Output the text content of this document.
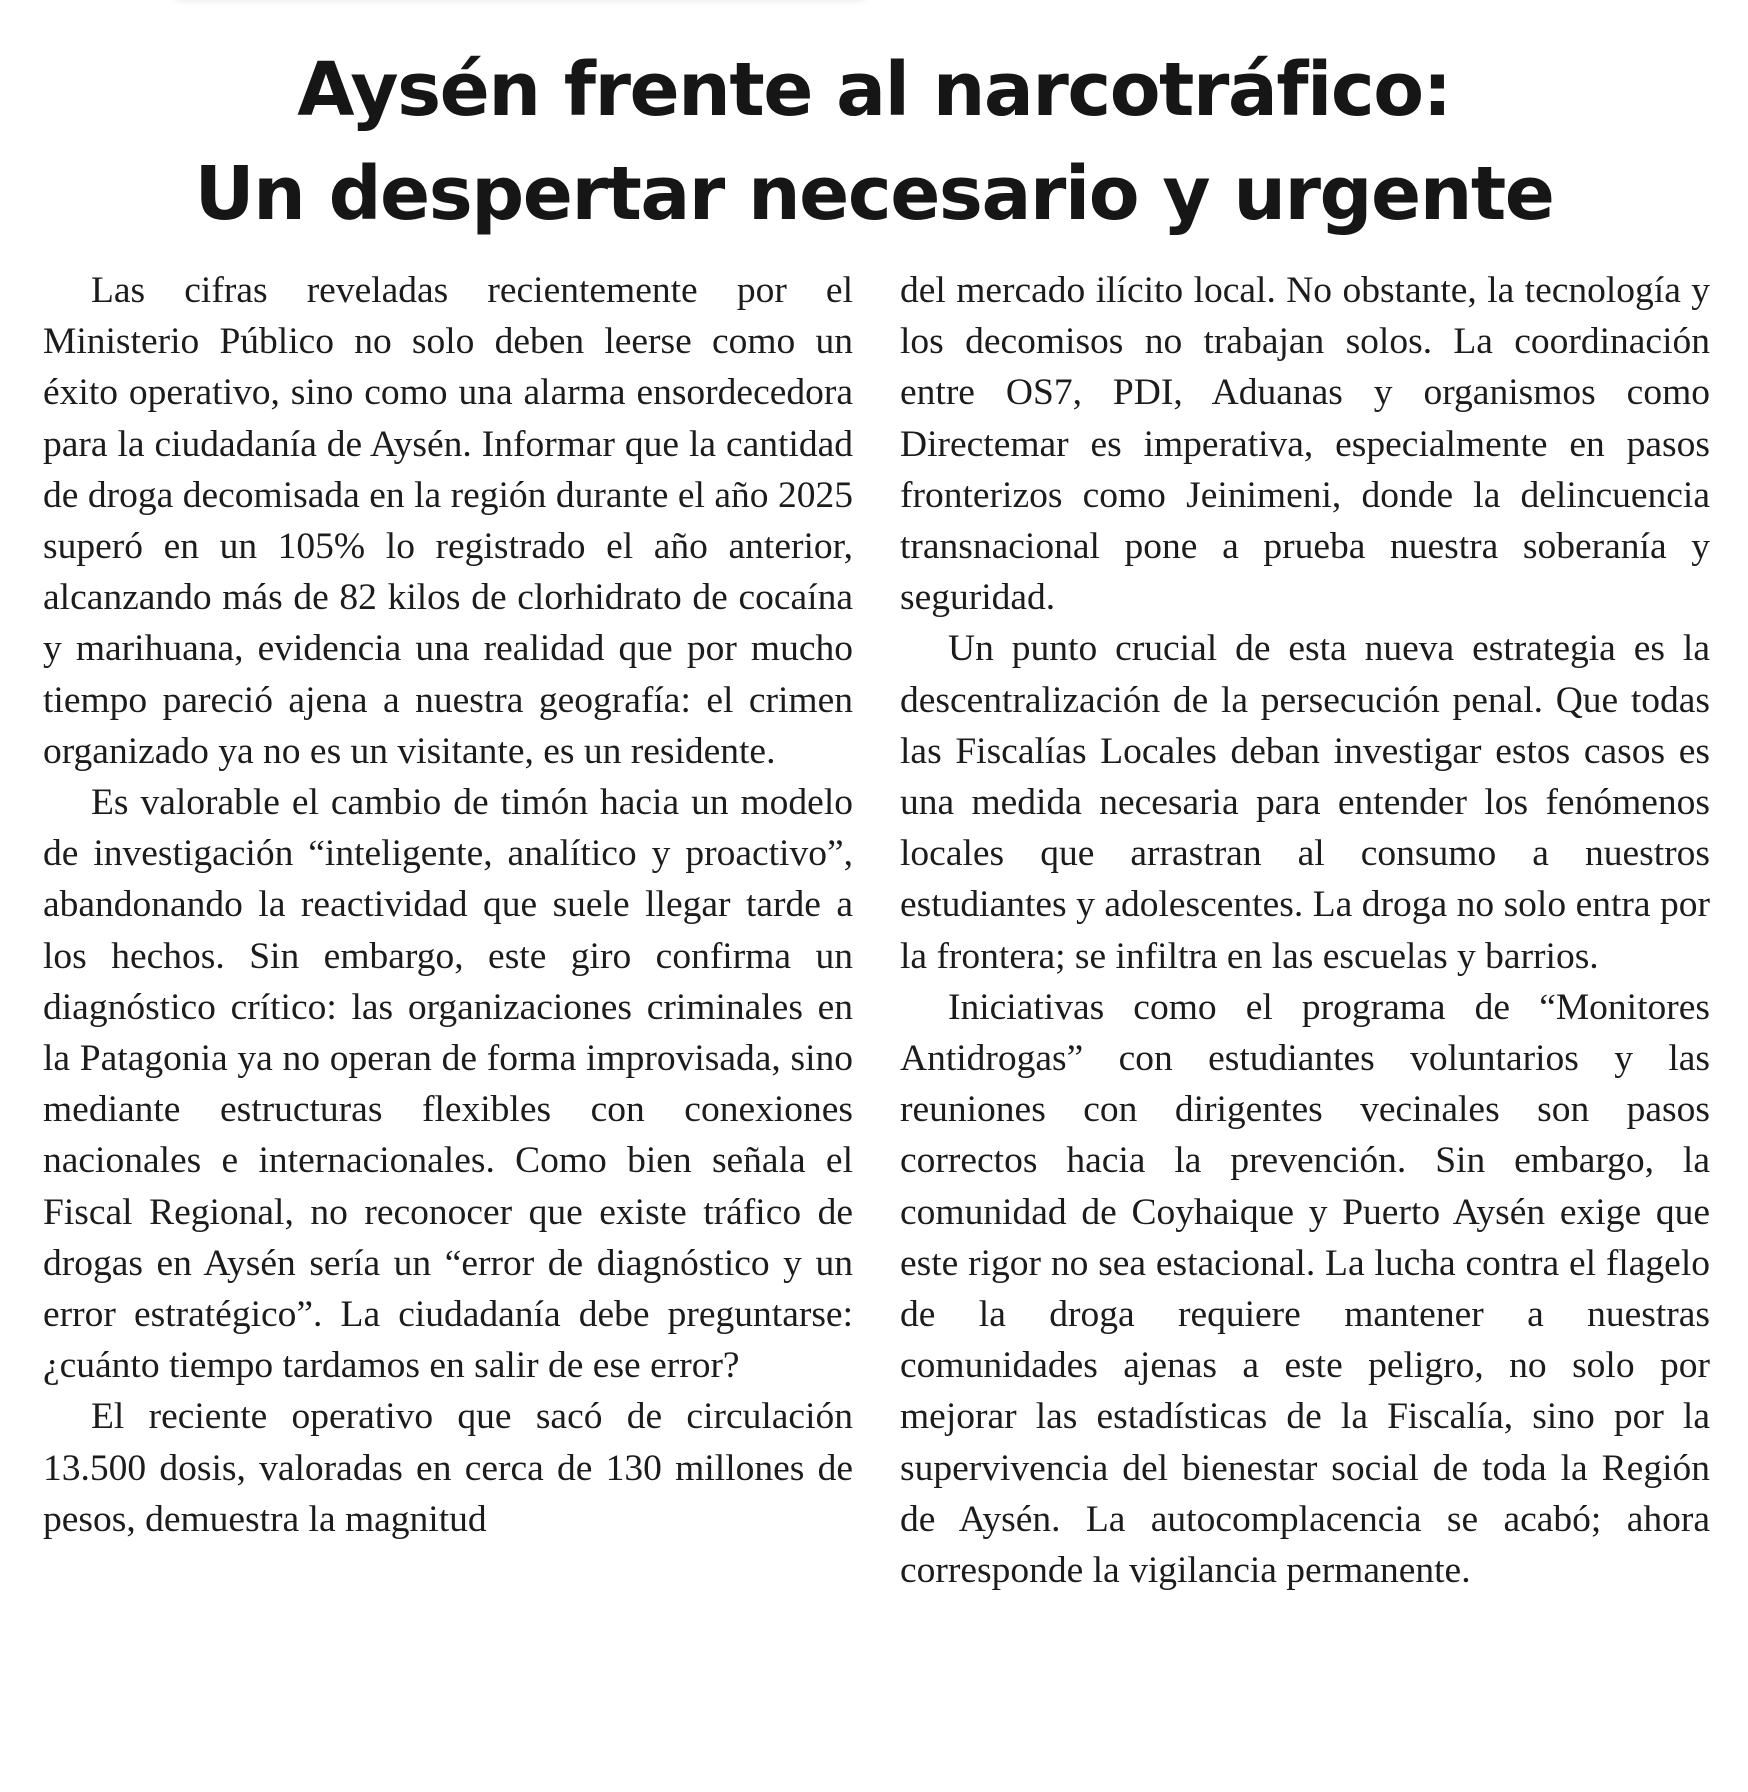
Aysén frente al narcotráfico:
Un despertar necesario y urgente

Las cifras reveladas recientemente por el Ministerio Público no solo deben leerse como un éxito operativo, sino como una alarma ensordecedora para la ciudadanía de Aysén. Informar que la cantidad de droga decomisada en la región durante el año 2025 superó en un 105% lo registrado el año anterior, alcanzando más de 82 kilos de clorhidrato de cocaína y marihuana, evidencia una realidad que por mucho tiempo pareció ajena a nuestra geografía: el crimen organizado ya no es un visitante, es un residente.

Es valorable el cambio de timón hacia un modelo de investigación “inteligente, analítico y proactivo”, abandonando la reactividad que suele llegar tarde a los hechos. Sin embargo, este giro confirma un diagnóstico crítico: las organizaciones criminales en la Patagonia ya no operan de forma improvisada, sino mediante estructuras flexibles con conexiones nacionales e internacionales. Como bien señala el Fiscal Regional, no reconocer que existe tráfico de drogas en Aysén sería un “error de diagnóstico y un error estratégico”. La ciudadanía debe preguntarse: ¿cuánto tiempo tardamos en salir de ese error?

El reciente operativo que sacó de circulación 13.500 dosis, valoradas en cerca de 130 millones de pesos, demuestra la magnitud

del mercado ilícito local. No obstante, la tecnología y los decomisos no trabajan solos. La coordinación entre OS7, PDI, Aduanas y organismos como Directemar es imperativa, especialmente en pasos fronterizos como Jeinimeni, donde la delincuencia transnacional pone a prueba nuestra soberanía y seguridad.

Un punto crucial de esta nueva estrategia es la descentralización de la persecución penal. Que todas las Fiscalías Locales deban investigar estos casos es una medida necesaria para entender los fenómenos locales que arrastran al consumo a nuestros estudiantes y adolescentes. La droga no solo entra por la frontera; se infiltra en las escuelas y barrios.

Iniciativas como el programa de “Monitores Antidrogas” con estudiantes voluntarios y las reuniones con dirigentes vecinales son pasos correctos hacia la prevención. Sin embargo, la comunidad de Coyhaique y Puerto Aysén exige que este rigor no sea estacional. La lucha contra el flagelo de la droga requiere mantener a nuestras comunidades ajenas a este peligro, no solo por mejorar las estadísticas de la Fiscalía, sino por la supervivencia del bienestar social de toda la Región de Aysén. La autocomplacencia se acabó; ahora corresponde la vigilancia permanente.
